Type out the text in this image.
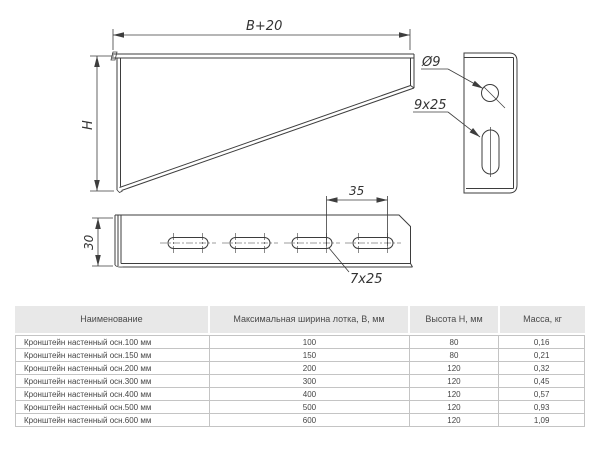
B+20
H
Ø9
9x25
35
30
7x25
Наименование	Максимальная ширина лотка, В, мм	Высота Н, мм	Масса, кг
Кронштейн настенный осн.100 мм	100	80	0,16
Кронштейн настенный осн.150 мм	150	80	0,21
Кронштейн настенный осн.200 мм	200	120	0,32
Кронштейн настенный осн.300 мм	300	120	0,45
Кронштейн настенный осн.400 мм	400	120	0,57
Кронштейн настенный осн.500 мм	500	120	0,93
Кронштейн настенный осн.600 мм	600	120	1,09
